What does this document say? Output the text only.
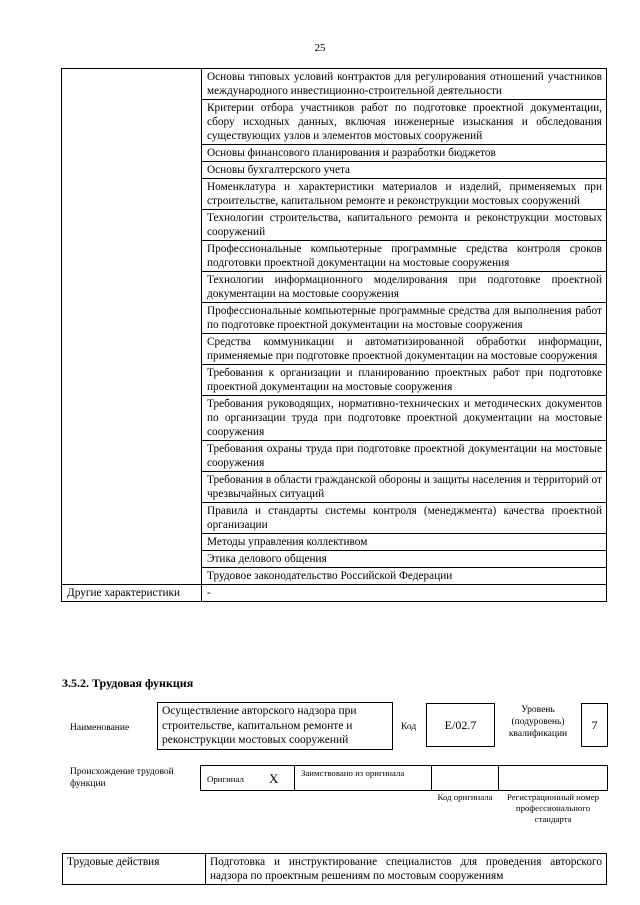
25
	Основы типовых условий контрактов для регулирования отношений участников международного инвестиционно-строительной деятельности
	Критерии отбора участников работ по подготовке проектной документации, сбору исходных данных, включая инженерные изыскания и обследования существующих узлов и элементов мостовых сооружений
	Основы финансового планирования и разработки бюджетов
	Основы бухгалтерского учета
	Номенклатура и характеристики материалов и изделий, применяемых при строительстве, капитальном ремонте и реконструкции мостовых сооружений
	Технологии строительства, капитального ремонта и реконструкции мостовых сооружений
	Профессиональные компьютерные программные средства контроля сроков подготовки проектной документации на мостовые сооружения
	Технологии информационного моделирования при подготовке проектной документации на мостовые сооружения
	Профессиональные компьютерные программные средства для выполнения работ по подготовке проектной документации на мостовые сооружения
	Средства коммуникации и автоматизированной обработки информации, применяемые при подготовке проектной документации на мостовые сооружения
	Требования к организации и планированию проектных работ при подготовке проектной документации на мостовые сооружения
	Требования руководящих, нормативно-технических и методических документов по организации труда при подготовке проектной документации на мостовые сооружения
	Требования охраны труда при подготовке проектной документации на мостовые сооружения
	Требования в области гражданской обороны и защиты населения и территорий от чрезвычайных ситуаций
	Правила и стандарты системы контроля (менеджмента) качества проектной организации
	Методы управления коллективом
	Этика делового общения
	Трудовое законодательство Российской Федерации
Другие характеристики	-
3.5.2. Трудовая функция
Наименование
Осуществление авторского надзора при строительстве, капитальном ремонте и реконструкции мостовых сооружений
Код	Е/02.7
Уровень (подуровень) квалификации
7
Происхождение трудовой функции	Оригинал X	Заимствовано из оригинала
Код оригинала	Регистрационный номер профессионального стандарта
Трудовые действия	Подготовка и инструктирование специалистов для проведения авторского надзора по проектным решениям по мостовым сооружениям
